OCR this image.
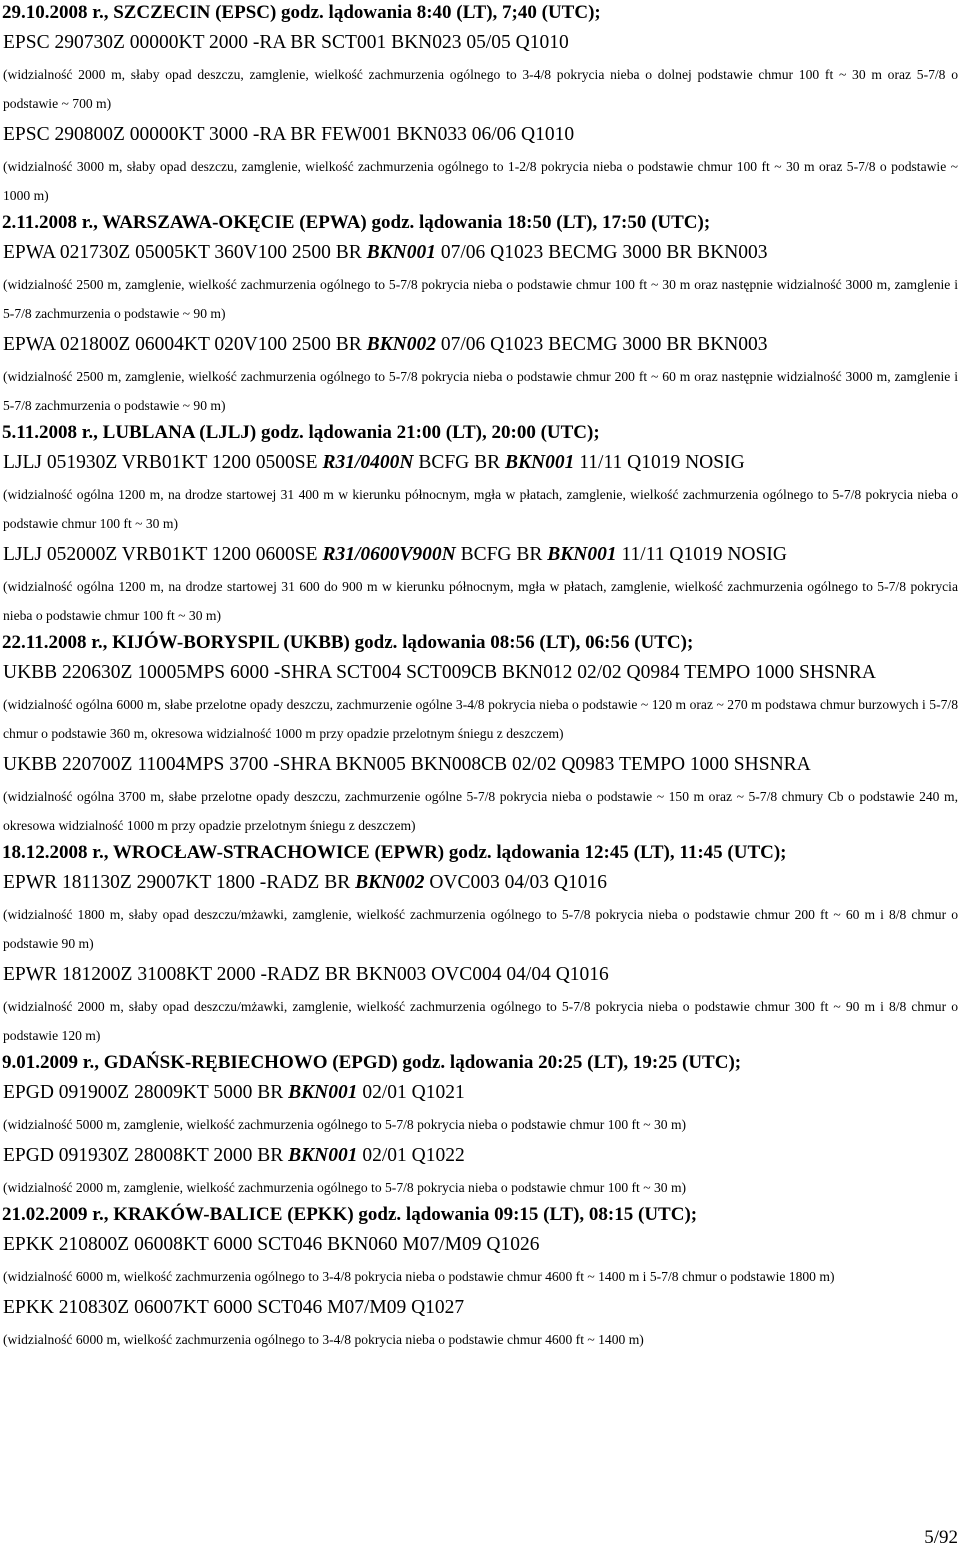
29.10.2008 r., SZCZECIN (EPSC) godz. lądowania 8:40 (LT), 7;40 (UTC);
EPSC 290730Z 00000KT 2000 -RA BR SCT001 BKN023 05/05 Q1010
(widzialność 2000 m, słaby opad deszczu, zamglenie, wielkość zachmurzenia ogólnego to 3-4/8 pokrycia nieba o dolnej podstawie chmur 100 ft ~ 30 m oraz 5-7/8 o podstawie ~ 700 m)
EPSC 290800Z 00000KT 3000 -RA BR FEW001 BKN033 06/06 Q1010
(widzialność 3000 m, słaby opad deszczu, zamglenie, wielkość zachmurzenia ogólnego to 1-2/8 pokrycia nieba o podstawie chmur 100 ft ~ 30 m oraz 5-7/8 o podstawie ~ 1000 m)
2.11.2008 r., WARSZAWA-OKĘCIE (EPWA) godz. lądowania 18:50 (LT), 17:50 (UTC);
EPWA 021730Z 05005KT 360V100 2500 BR BKN001 07/06 Q1023 BECMG 3000 BR BKN003
(widzialność 2500 m, zamglenie, wielkość zachmurzenia ogólnego to 5-7/8 pokrycia nieba o podstawie chmur 100 ft ~ 30 m oraz następnie widzialność 3000 m, zamglenie i 5-7/8 zachmurzenia o podstawie ~ 90 m)
EPWA 021800Z 06004KT 020V100 2500 BR BKN002 07/06 Q1023 BECMG 3000 BR BKN003
(widzialność 2500 m, zamglenie, wielkość zachmurzenia ogólnego to 5-7/8 pokrycia nieba o podstawie chmur 200 ft ~ 60 m oraz następnie widzialność 3000 m, zamglenie i 5-7/8 zachmurzenia o podstawie ~ 90 m)
5.11.2008 r., LUBLANA (LJLJ) godz. lądowania 21:00 (LT), 20:00 (UTC);
LJLJ 051930Z VRB01KT 1200 0500SE R31/0400N BCFG BR BKN001 11/11 Q1019 NOSIG
(widzialność ogólna 1200 m, na drodze startowej 31 400 m w kierunku północnym, mgła w płatach, zamglenie, wielkość zachmurzenia ogólnego to 5-7/8 pokrycia nieba o podstawie chmur 100 ft ~ 30 m)
LJLJ 052000Z VRB01KT 1200 0600SE R31/0600V900N BCFG BR BKN001 11/11 Q1019 NOSIG
(widzialność ogólna 1200 m, na drodze startowej 31 600 do 900 m w kierunku północnym, mgła w płatach, zamglenie, wielkość zachmurzenia ogólnego to 5-7/8 pokrycia nieba o podstawie chmur 100 ft ~ 30 m)
22.11.2008 r., KIJÓW-BORYSPIL (UKBB) godz. lądowania 08:56 (LT), 06:56 (UTC);
UKBB 220630Z 10005MPS 6000 -SHRA SCT004 SCT009CB BKN012 02/02 Q0984 TEMPO 1000 SHSNRA
(widzialność ogólna 6000 m, słabe przelotne opady deszczu, zachmurzenie ogólne 3-4/8 pokrycia nieba o podstawie ~ 120 m oraz ~ 270 m podstawa chmur burzowych i 5-7/8 chmur o podstawie 360 m, okresowa widzialność 1000 m przy opadzie przelotnym śniegu z deszczem)
UKBB 220700Z 11004MPS 3700 -SHRA BKN005 BKN008CB 02/02 Q0983 TEMPO 1000 SHSNRA
(widzialność ogólna 3700 m, słabe przelotne opady deszczu, zachmurzenie ogólne 5-7/8 pokrycia nieba o podstawie ~ 150 m oraz ~ 5-7/8 chmury Cb o podstawie 240 m, okresowa widzialność 1000 m przy opadzie przelotnym śniegu z deszczem)
18.12.2008 r., WROCŁAW-STRACHOWICE (EPWR) godz. lądowania 12:45 (LT), 11:45 (UTC);
EPWR 181130Z 29007KT 1800 -RADZ BR BKN002 OVC003 04/03 Q1016
(widzialność 1800 m, słaby opad deszczu/mżawki, zamglenie, wielkość zachmurzenia ogólnego to 5-7/8 pokrycia nieba o podstawie chmur 200 ft ~ 60 m i 8/8 chmur o podstawie 90 m)
EPWR 181200Z 31008KT 2000 -RADZ BR BKN003 OVC004 04/04 Q1016
(widzialność 2000 m, słaby opad deszczu/mżawki, zamglenie, wielkość zachmurzenia ogólnego to 5-7/8 pokrycia nieba o podstawie chmur 300 ft ~ 90 m i 8/8 chmur o podstawie 120 m)
9.01.2009 r., GDAŃSK-RĘBIECHOWO (EPGD) godz. lądowania 20:25 (LT), 19:25 (UTC);
EPGD 091900Z 28009KT 5000 BR BKN001 02/01 Q1021
(widzialność 5000 m, zamglenie, wielkość zachmurzenia ogólnego to 5-7/8 pokrycia nieba o podstawie chmur 100 ft ~ 30 m)
EPGD 091930Z 28008KT 2000 BR BKN001 02/01 Q1022
(widzialność 2000 m, zamglenie, wielkość zachmurzenia ogólnego to 5-7/8 pokrycia nieba o podstawie chmur 100 ft ~ 30 m)
21.02.2009 r., KRAKÓW-BALICE (EPKK) godz. lądowania 09:15 (LT), 08:15 (UTC);
EPKK 210800Z 06008KT 6000 SCT046 BKN060 M07/M09 Q1026
(widzialność 6000 m, wielkość zachmurzenia ogólnego to 3-4/8 pokrycia nieba o podstawie chmur 4600 ft ~ 1400 m i 5-7/8 chmur o podstawie 1800 m)
EPKK 210830Z 06007KT 6000 SCT046 M07/M09 Q1027
(widzialność 6000 m, wielkość zachmurzenia ogólnego to 3-4/8 pokrycia nieba o podstawie chmur 4600 ft ~ 1400 m)
5/92
